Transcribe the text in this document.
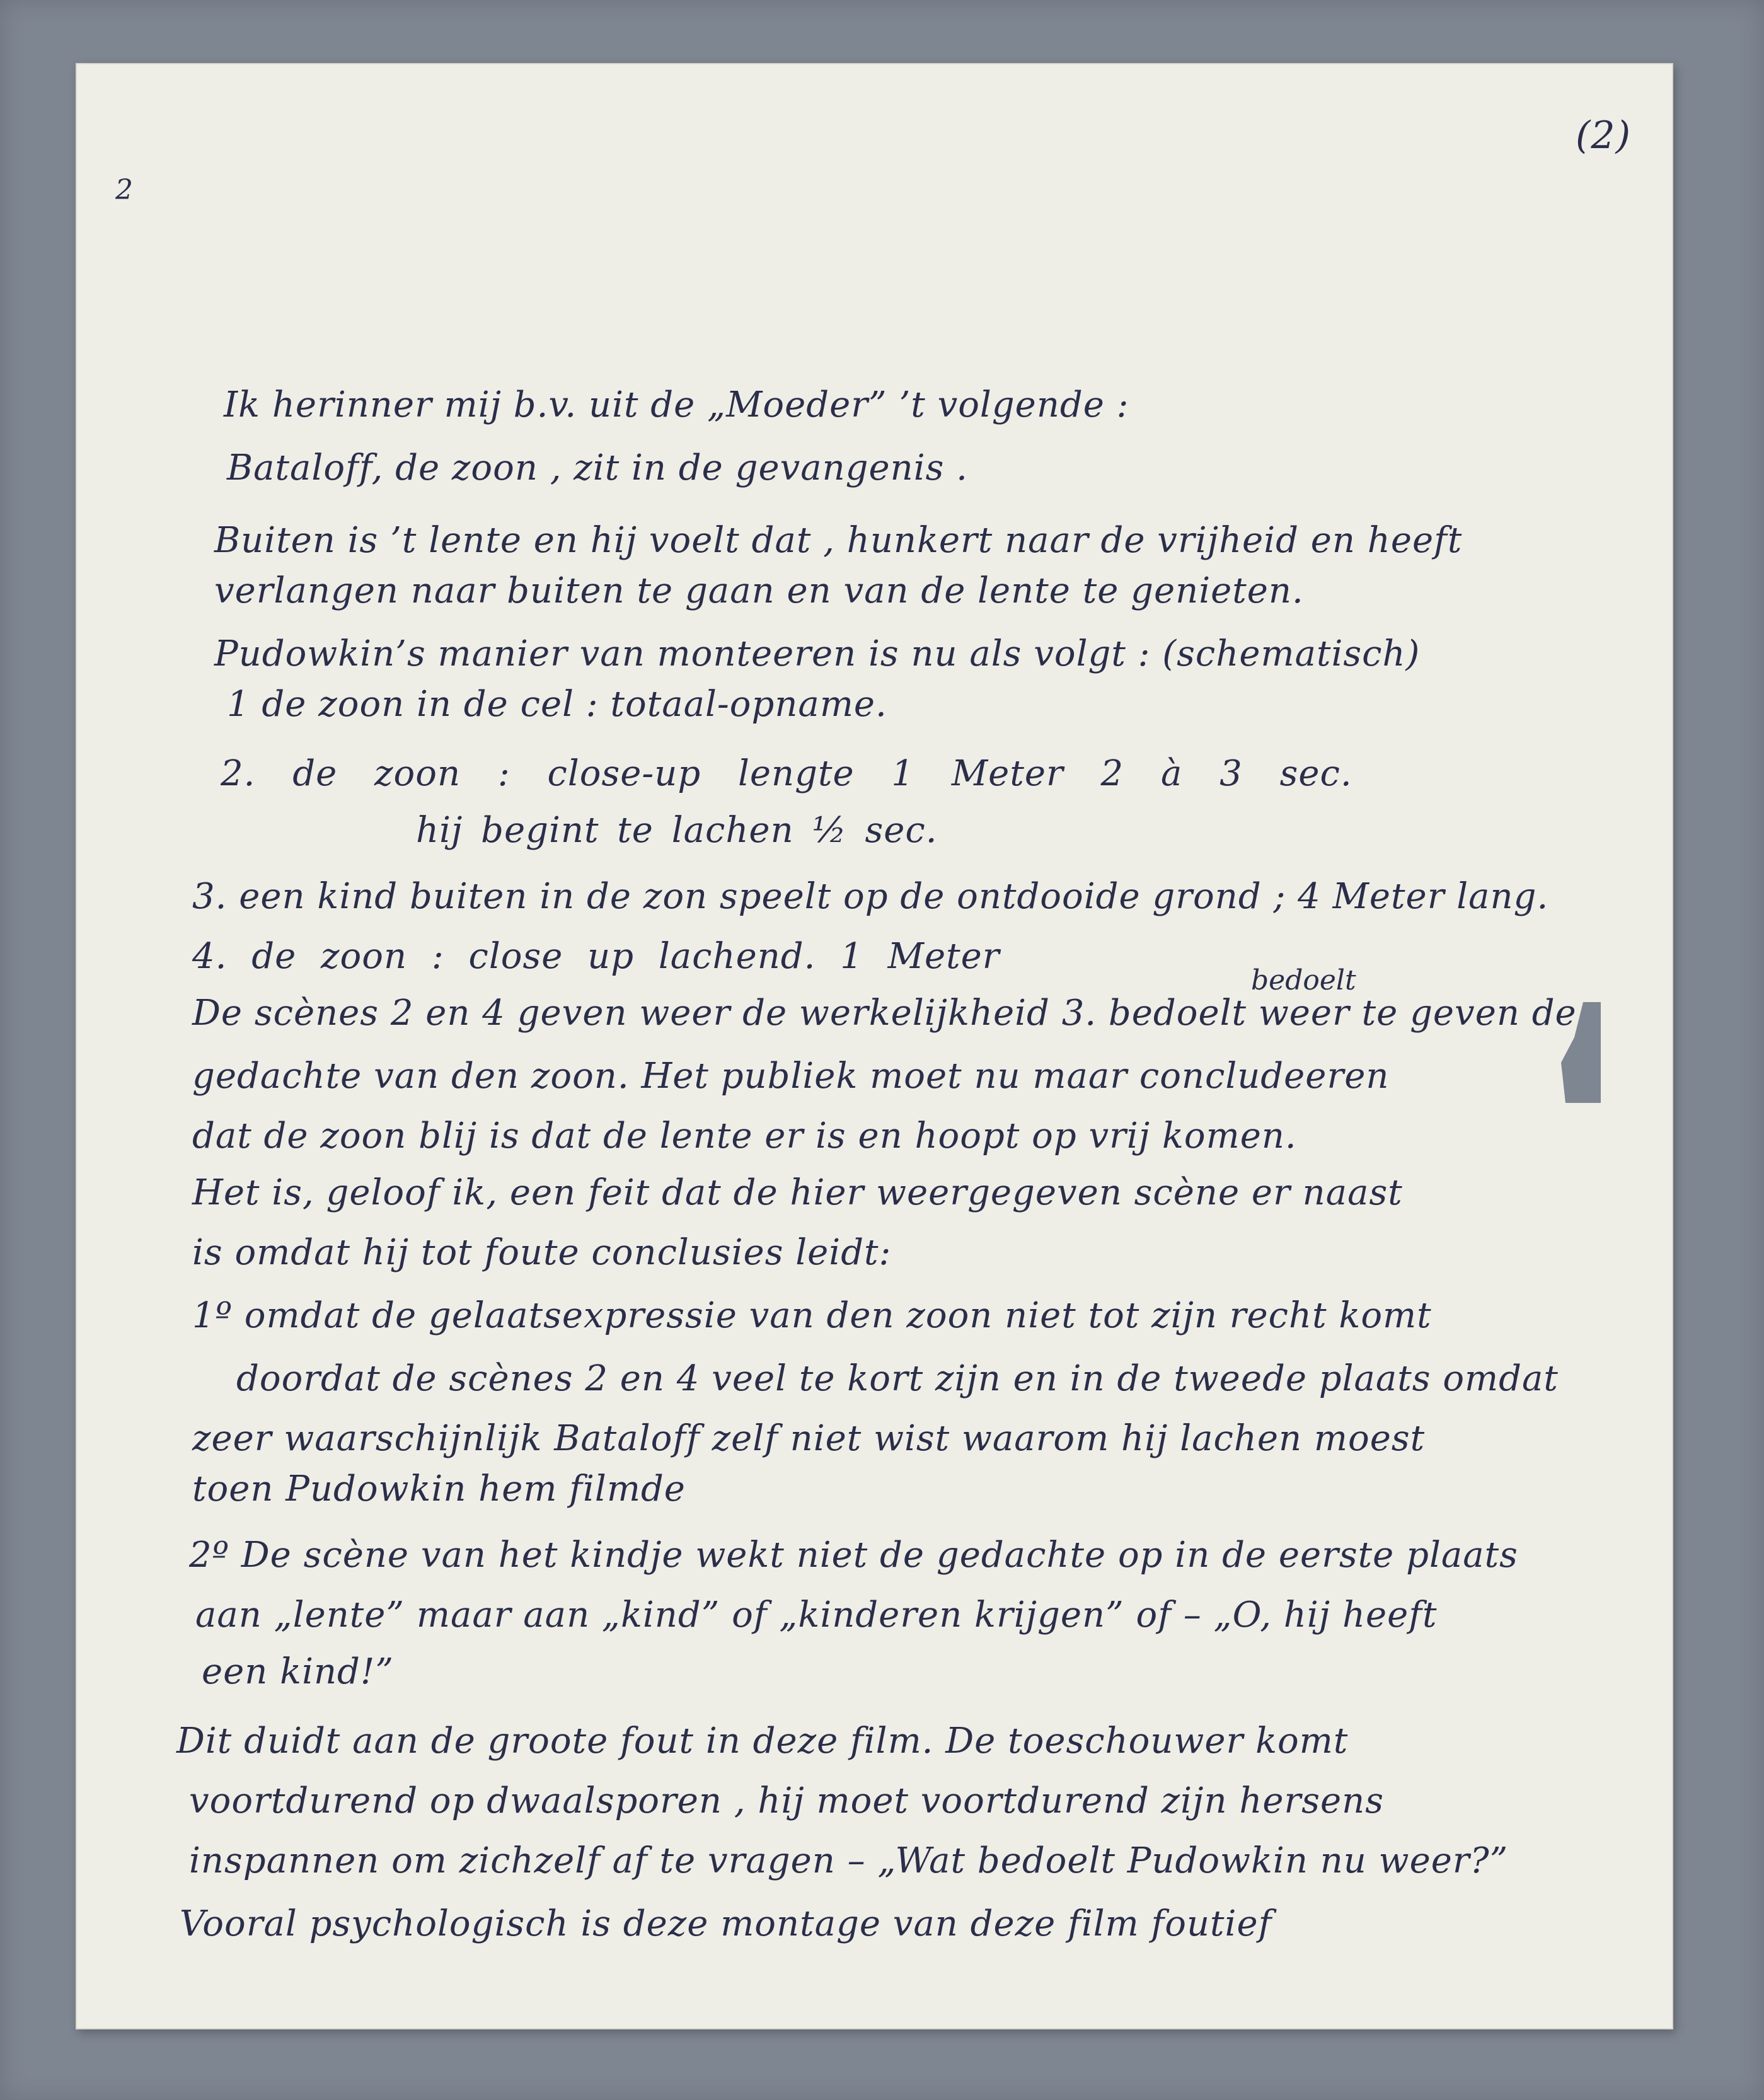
(2)
2
Ik herinner mij b.v. uit de „Moeder” ’t volgende :
Bataloff, de zoon , zit in de gevangenis .
Buiten is ’t lente en hij voelt dat , hunkert naar de vrijheid en heeft
verlangen naar buiten te gaan en van de lente te genieten.
Pudowkin’s manier van monteeren is nu als volgt : (schematisch)
1 de zoon in de cel : totaal-opname.
2. de zoon : close-up lengte 1 Meter 2 à 3 sec.
hij begint te lachen ½ sec.
3. een kind buiten in de zon speelt op de ontdooide grond ; 4 Meter lang.
4. de zoon : close up lachend. 1 Meter
bedoelt
De scènes 2 en 4 geven weer de werkelijkheid 3. bedoelt weer te geven de
gedachte van den zoon. Het publiek moet nu maar concludeeren
dat de zoon blij is dat de lente er is en hoopt op vrij komen.
Het is, geloof ik, een feit dat de hier weergegeven scène er naast
is omdat hij tot foute conclusies leidt:
1º omdat de gelaatsexpressie van den zoon niet tot zijn recht komt
doordat de scènes 2 en 4 veel te kort zijn en in de tweede plaats omdat
zeer waarschijnlijk Bataloff zelf niet wist waarom hij lachen moest
toen Pudowkin hem filmde
2º De scène van het kindje wekt niet de gedachte op in de eerste plaats
aan „lente” maar aan „kind” of „kinderen krijgen” of – „O, hij heeft
een kind!”
Dit duidt aan de groote fout in deze film. De toeschouwer komt
voortdurend op dwaalsporen , hij moet voortdurend zijn hersens
inspannen om zichzelf af te vragen – „Wat bedoelt Pudowkin nu weer?”
Vooral psychologisch is deze montage van deze film foutief
